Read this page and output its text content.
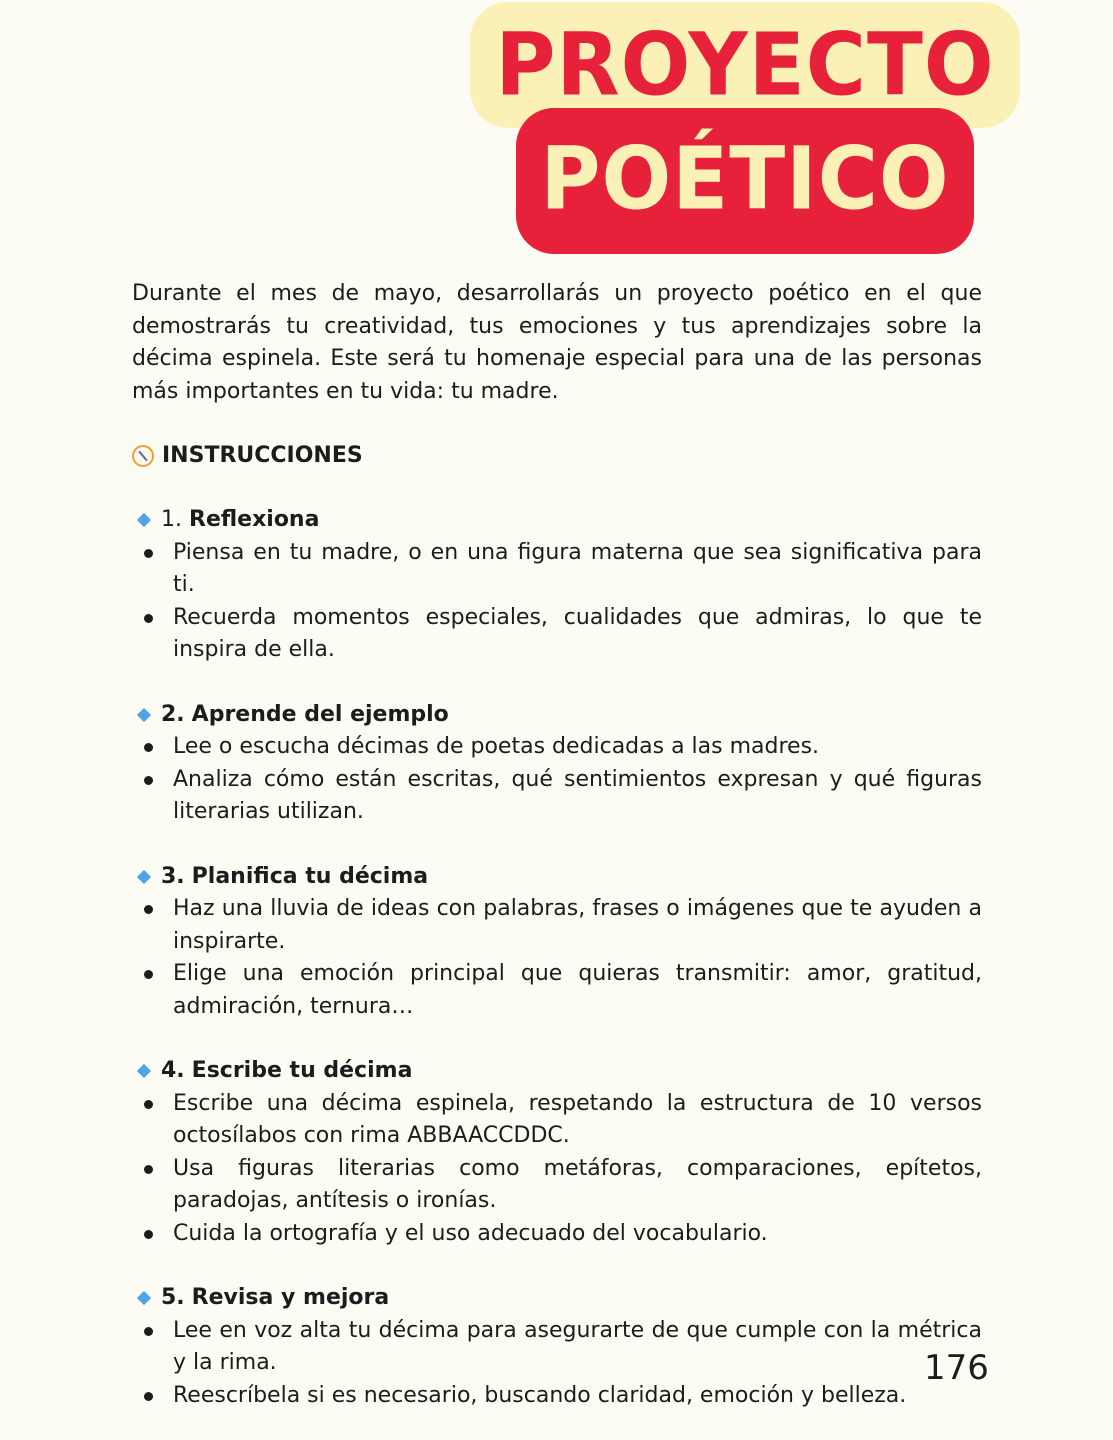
PROYECTO
POÉTICO

Durante el mes de mayo, desarrollarás un proyecto poético en el que demostrarás tu creatividad, tus emociones y tus aprendizajes sobre la décima espinela. Este será tu homenaje especial para una de las personas más importantes en tu vida: tu madre.

INSTRUCCIONES
1.
Reflexiona
Piensa en tu madre, o en una figura materna que sea significativa para ti.
Recuerda momentos especiales, cualidades que admiras, lo que te inspira de ella.
2.
Aprende del ejemplo
Lee o escucha décimas de poetas dedicadas a las madres.
Analiza cómo están escritas, qué sentimientos expresan y qué figuras literarias utilizan.
3.
Planifica tu décima
Haz una lluvia de ideas con palabras, frases o imágenes que te ayuden a inspirarte.
Elige una emoción principal que quieras transmitir: amor, gratitud, admiración, ternura…
4.
Escribe tu décima
Escribe una décima espinela, respetando la estructura de 10 versos octosílabos con rima ABBAACCDDC.
Usa figuras literarias como metáforas, comparaciones, epítetos, paradojas, antítesis o ironías.
Cuida la ortografía y el uso adecuado del vocabulario.
5.
Revisa y mejora
Lee en voz alta tu décima para asegurarte de que cumple con la métrica y la rima.
Reescríbela si es necesario, buscando claridad, emoción y belleza.

176
